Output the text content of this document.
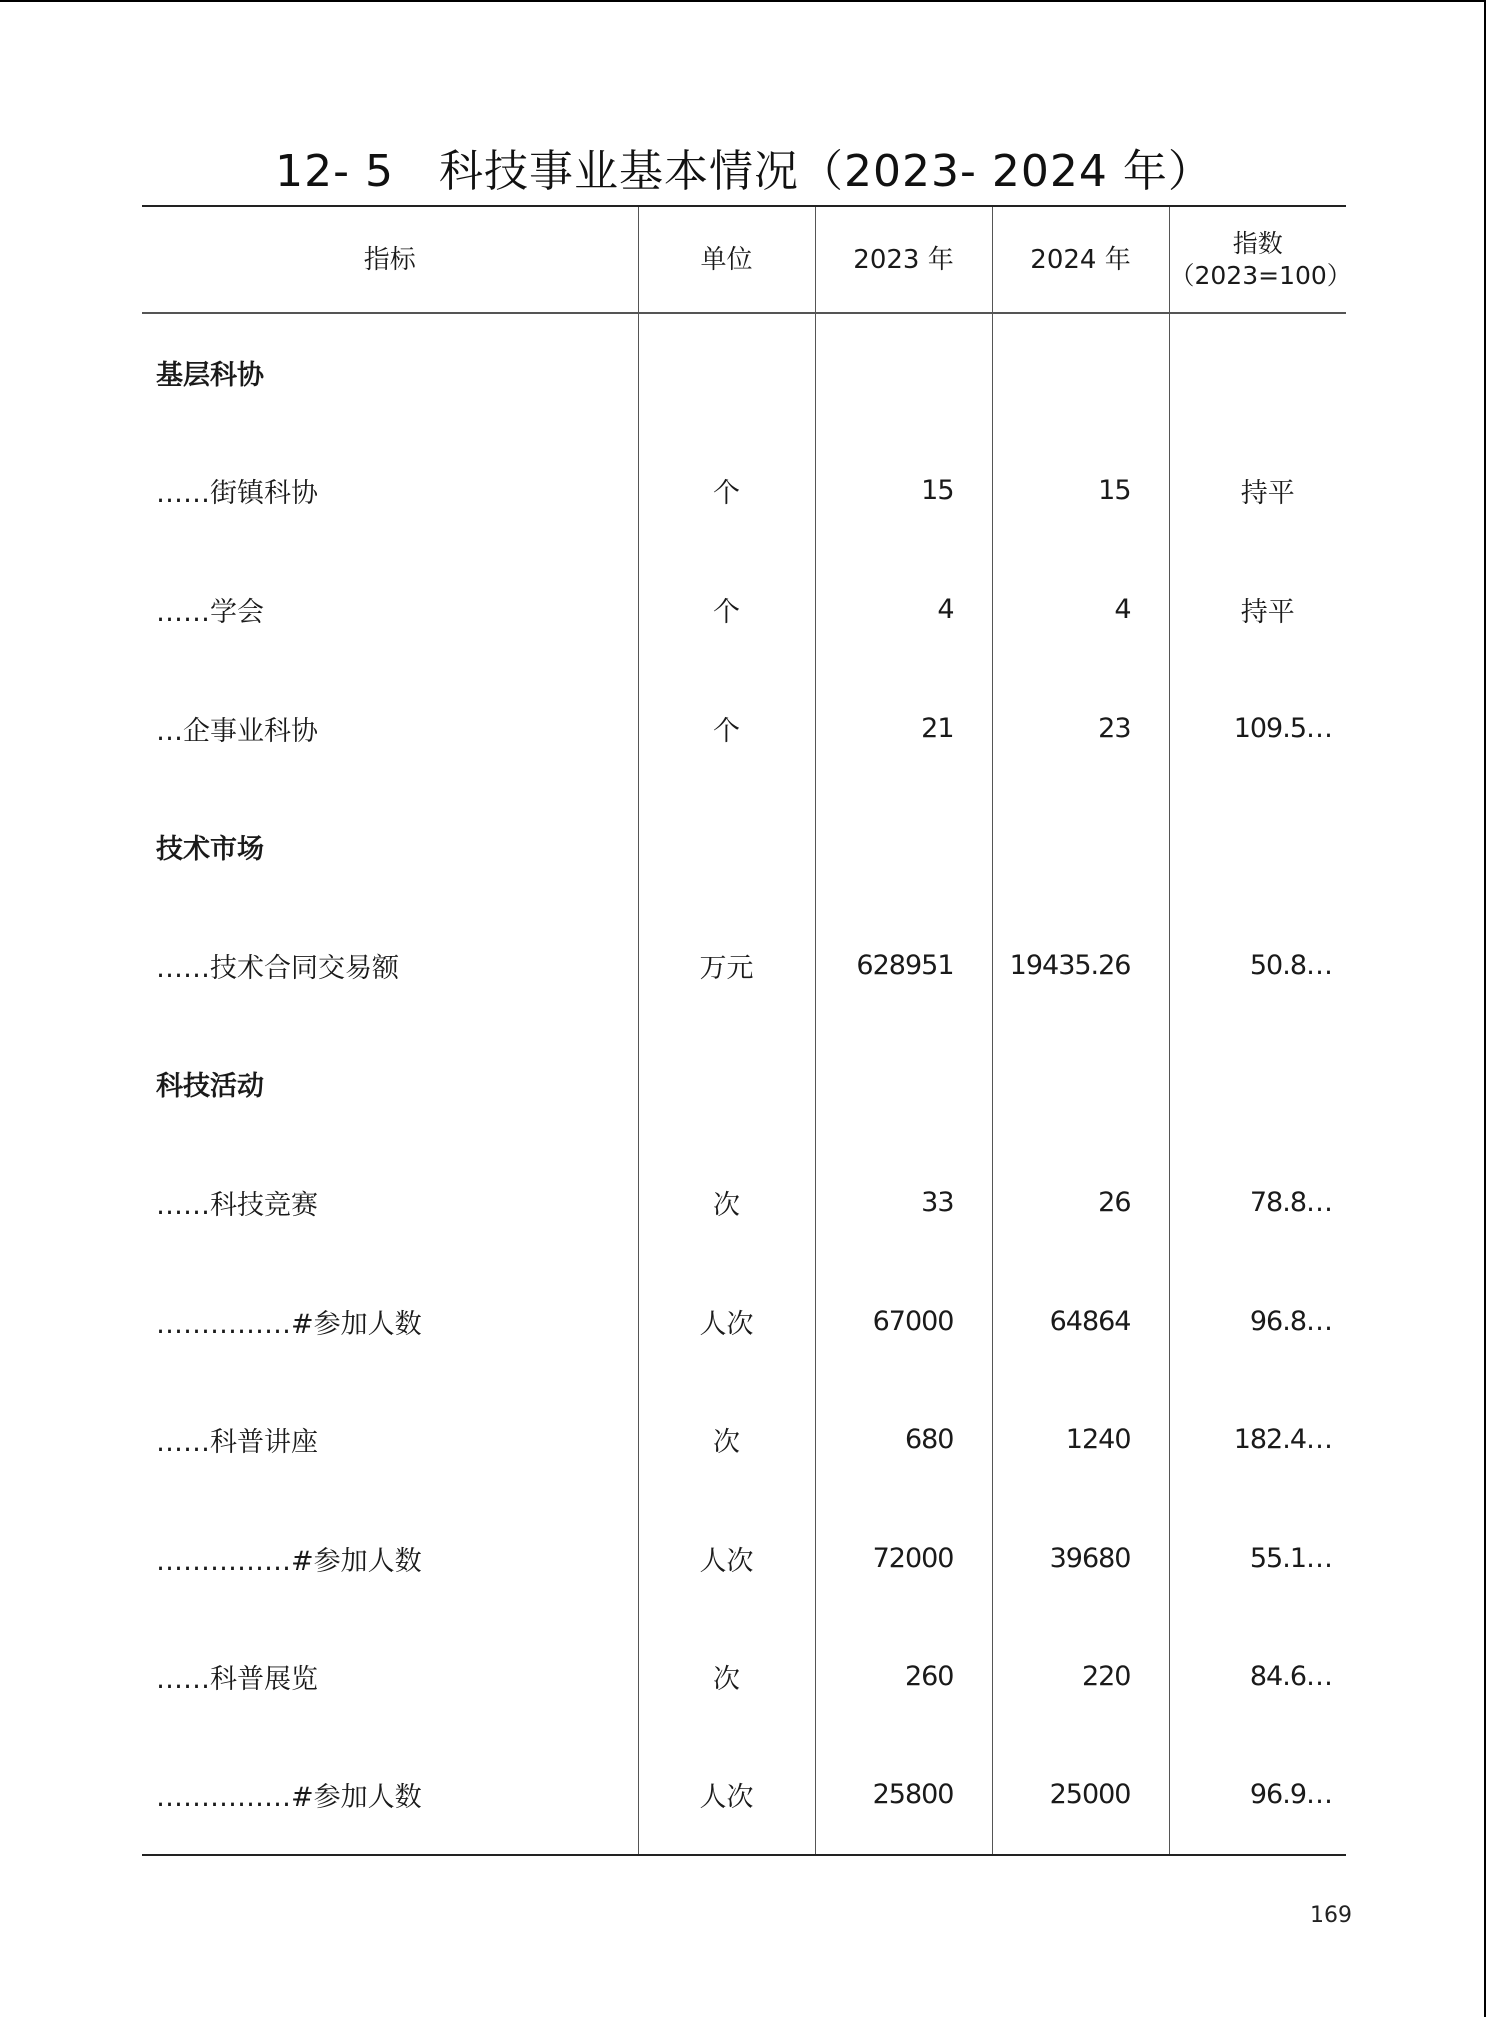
12- 5　科技事业基本情况（2023- 2024 年）
指标	单位	2023 年	2024 年	指数
（2023=100）

基层科协				
……街镇科协	个	15	15	持平
……学会	个	4	4	持平
…企事业科协	个	21	23	109.5…
技术市场				
……技术合同交易额	万元	628951	19435.26	50.8…
科技活动				
……科技竞赛	次	33	26	78.8…
……………#参加人数	人次	67000	64864	96.8…
……科普讲座	次	680	1240	182.4…
……………#参加人数	人次	72000	39680	55.1…
……科普展览	次	260	220	84.6…
……………#参加人数	人次	25800	25000	96.9…
169
